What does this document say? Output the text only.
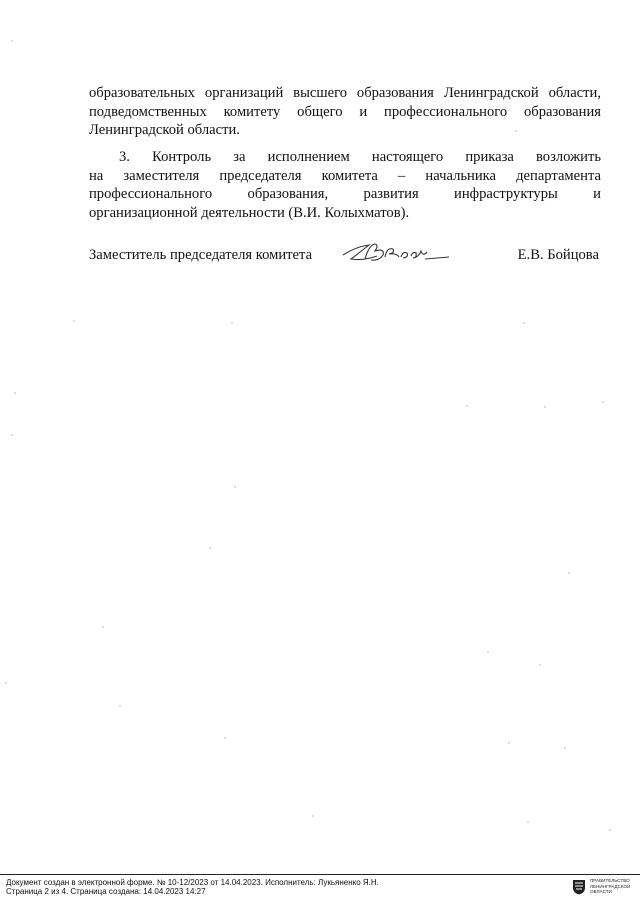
образовательных организаций высшего образования Ленинградской области,

подведомственных комитету общего и профессионального образования

Ленинградской области.

3. Контроль за исполнением настоящего приказа возложить

на заместителя председателя комитета – начальника департамента

профессионального образования, развития инфраструктуры и

организационной деятельности (В.И. Колыхматов).

Заместитель председателя комитета	Е.В. Бойцова
Документ создан в электронной форме. № 10-12/2023 от 14.04.2023. Исполнитель: Лукьяненко Я.Н.
Страница 2 из 4. Страница создана: 14.04.2023 14:27
ПРАВИТЕЛЬСТВО
ЛЕНИНГРАДСКОЙ
ОБЛАСТИ
